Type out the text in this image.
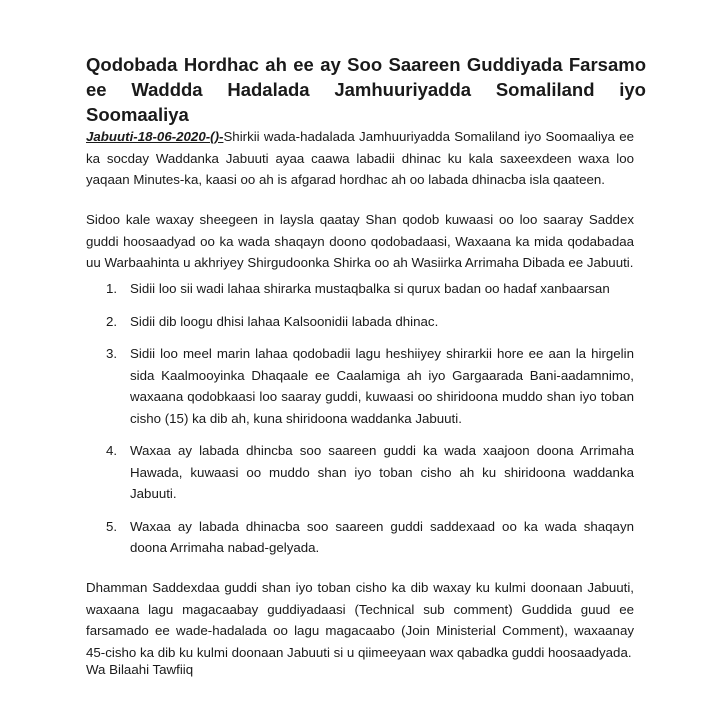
Qodobada Hordhac ah ee ay Soo Saareen Guddiyada Farsamo ee Waddda Hadalada Jamhuuriyadda Somaliland iyo Soomaaliya

Jabuuti-18-06-2020-()-Shirkii wada-hadalada Jamhuuriyadda Somaliland iyo Soomaaliya ee ka socday Waddanka Jabuuti ayaa caawa labadii dhinac ku kala saxeexdeen waxa loo yaqaan Minutes-ka, kaasi oo ah is afgarad hordhac ah oo labada dhinacba isla qaateen.

Sidoo kale waxay sheegeen in laysla qaatay Shan qodob kuwaasi oo loo saaray Saddex guddi hoosaadyad oo ka wada shaqayn doono qodobadaasi, Waxaana ka mida qodabadaa uu Warbaahinta u akhriyey Shirgudoonka Shirka oo ah Wasiirka Arrimaha Dibada ee Jabuuti.

1. Sidii loo sii wadi lahaa shirarka mustaqbalka si qurux badan oo hadaf xanbaarsan
2. Sidii dib loogu dhisi lahaa Kalsoonidii labada dhinac.
3. Sidii loo meel marin lahaa qodobadii lagu heshiiyey shirarkii hore ee aan la hirgelin sida Kaalmooyinka Dhaqaale ee Caalamiga ah iyo Gargaarada Bani-aadamnimo, waxaana qodobkaasi loo saaray guddi, kuwaasi oo shiridoona muddo shan iyo toban cisho (15) ka dib ah, kuna shiridoona waddanka Jabuuti.
4. Waxaa ay labada dhincba soo saareen guddi ka wada xaajoon doona Arrimaha Hawada, kuwaasi oo muddo shan iyo toban cisho ah ku shiridoona waddanka Jabuuti.
5. Waxaa ay labada dhinacba soo saareen guddi saddexaad oo ka wada shaqayn doona Arrimaha nabad-gelyada.

Dhamman Saddexdaa guddi shan iyo toban cisho ka dib waxay ku kulmi doonaan Jabuuti, waxaana lagu magacaabay guddiyadaasi (Technical sub comment) Guddida guud ee farsamado ee wade-hadalada oo lagu magacaabo (Join Ministerial Comment), waxaanay 45-cisho ka dib ku kulmi doonaan Jabuuti si u qiimeeyaan wax qabadka guddi hoosaadyada.

Wa Bilaahi Tawfiiq
